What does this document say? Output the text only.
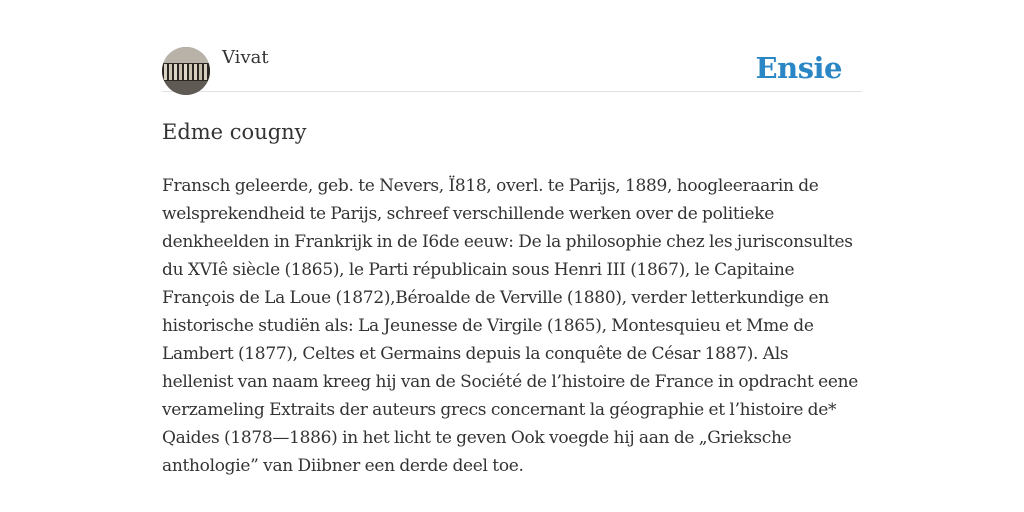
Vivat	Ensie
Edme cougny
Fransch geleerde, geb. te Nevers, Ï818, overl. te Parijs, 1889, hoogleeraarin de welsprekendheid te Parijs, schreef verschillende werken over de politieke denkheelden in Frankrijk in de I6de eeuw: De la philosophie chez les jurisconsultes du XVIê siècle (1865), le Parti républicain sous Henri III (1867), le Capitaine François de La Loue (1872),Béroalde de Verville (1880), verder letterkundige en historische studiën als: La Jeunesse de Virgile (1865), Montesquieu et Mme de Lambert (1877), Celtes et Germains depuis la conquête de César 1887). Als hellenist van naam kreeg hij van de Société de l’histoire de France in opdracht eene verzameling Extraits der auteurs grecs concernant la géographie et l’histoire de* Qaides (1878—1886) in het licht te geven Ook voegde hij aan de „Grieksche anthologie” van Diibner een derde deel toe.
